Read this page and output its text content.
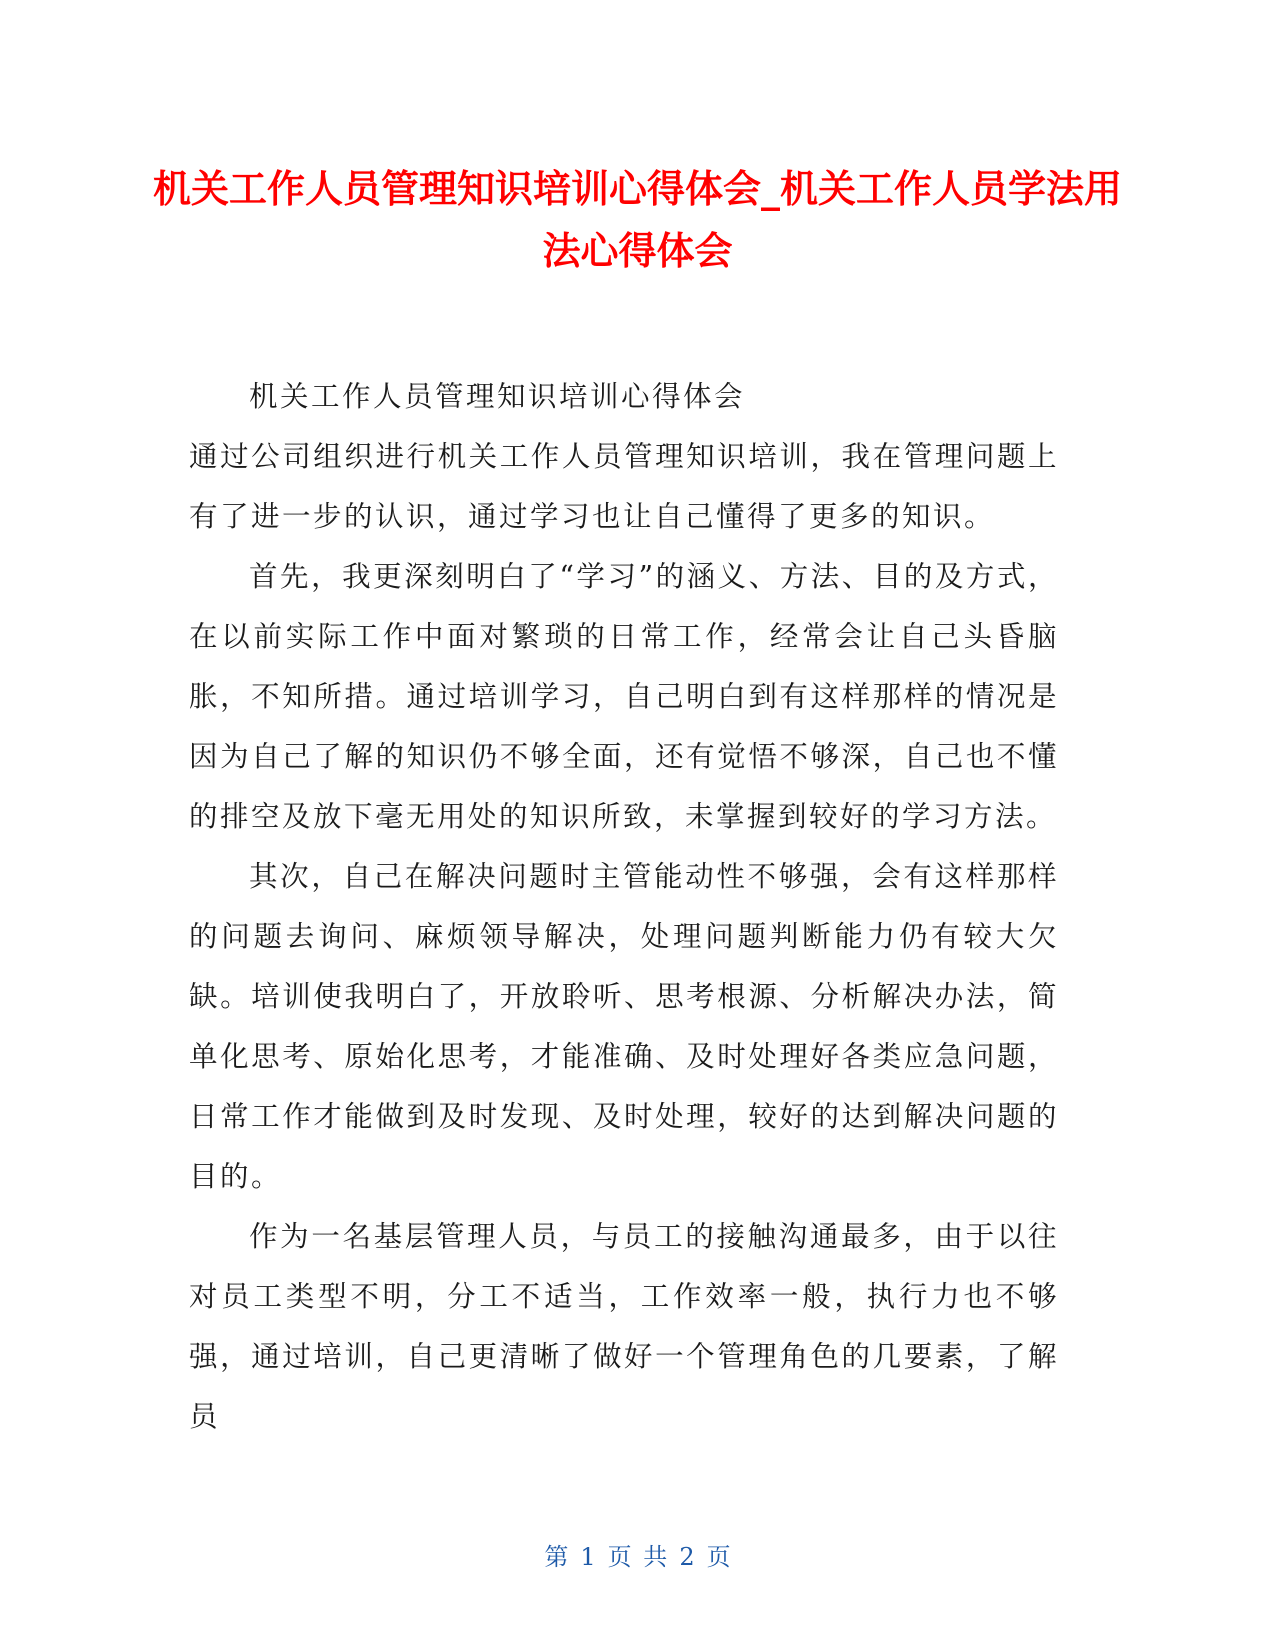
机关工作人员管理知识培训心得体会_机关工作人员学法用法心得体会

机关工作人员管理知识培训心得体会

通过公司组织进行机关工作人员管理知识培训，我在管理问题上有了进一步的认识，通过学习也让自己懂得了更多的知识。

首先，我更深刻明白了“学习”的涵义、方法、目的及方式，在以前实际工作中面对繁琐的日常工作，经常会让自己头昏脑胀，不知所措。通过培训学习，自己明白到有这样那样的情况是因为自己了解的知识仍不够全面，还有觉悟不够深，自己也不懂的排空及放下毫无用处的知识所致，未掌握到较好的学习方法。

其次，自己在解决问题时主管能动性不够强，会有这样那样的问题去询问、麻烦领导解决，处理问题判断能力仍有较大欠缺。培训使我明白了，开放聆听、思考根源、分析解决办法，简单化思考、原始化思考，才能准确、及时处理好各类应急问题，日常工作才能做到及时发现、及时处理，较好的达到解决问题的目的。

作为一名基层管理人员，与员工的接触沟通最多，由于以往对员工类型不明，分工不适当，工作效率一般，执行力也不够强，通过培训，自己更清晰了做好一个管理角色的几要素，了解员

第 1 页 共 2 页
